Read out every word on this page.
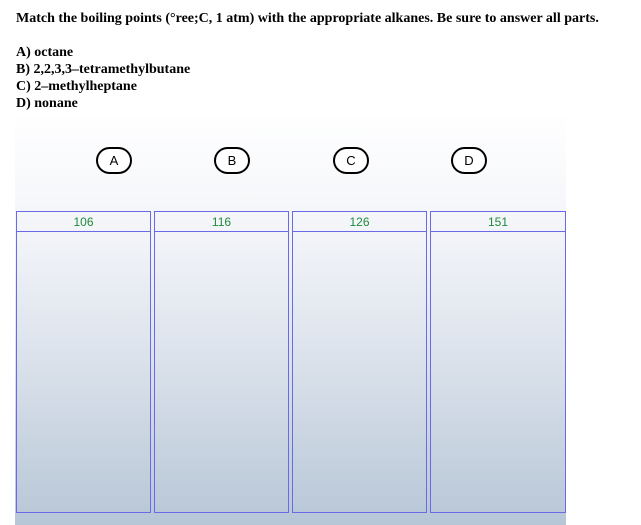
Match the boiling points (°ree;C, 1 atm) with the appropriate alkanes. Be sure to answer all parts.
A) octane
B) 2,2,3,3–tetramethylbutane
C) 2–methylheptane
D) nonane
A	B	C	D
106	116	126	151
